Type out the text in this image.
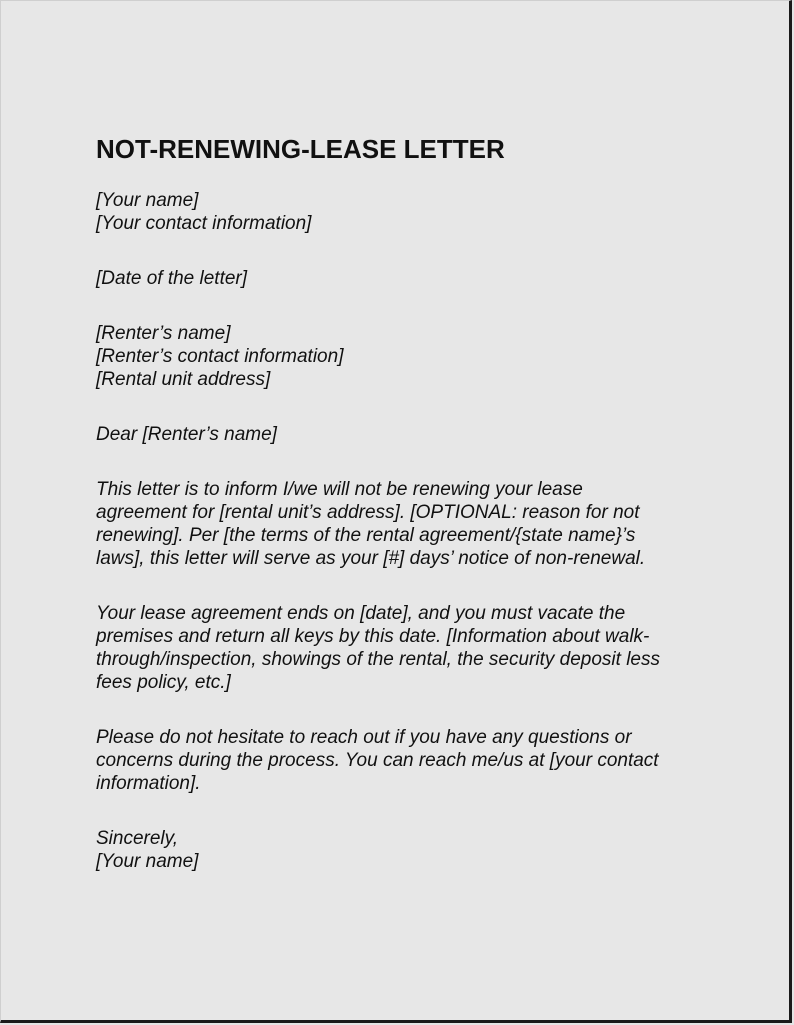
NOT-RENEWING-LEASE LETTER
[Your name]
[Your contact information]
[Date of the letter]
[Renter’s name]
[Renter’s contact information]
[Rental unit address]
Dear [Renter’s name]
This letter is to inform I/we will not be renewing your lease
agreement for [rental unit’s address]. [OPTIONAL: reason for not
renewing]. Per [the terms of the rental agreement/{state name}’s
laws], this letter will serve as your [#] days’ notice of non-renewal.
Your lease agreement ends on [date], and you must vacate the
premises and return all keys by this date. [Information about walk-
through/inspection, showings of the rental, the security deposit less
fees policy, etc.]
Please do not hesitate to reach out if you have any questions or
concerns during the process. You can reach me/us at [your contact
information].
Sincerely,
[Your name]
